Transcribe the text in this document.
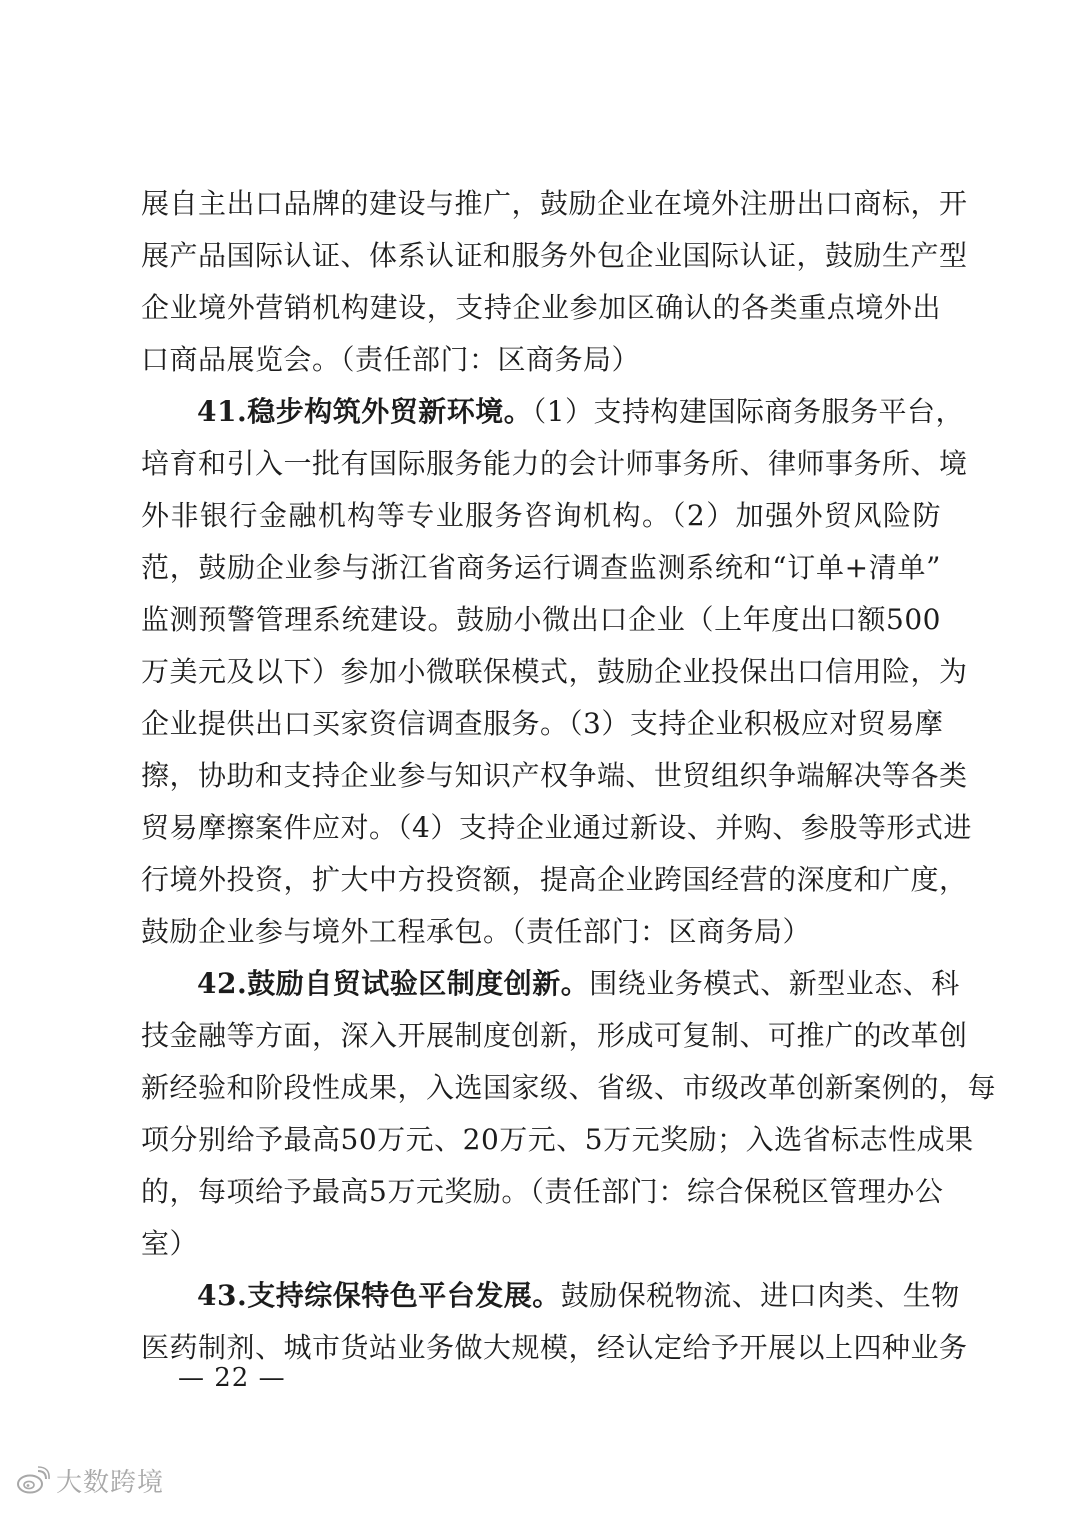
展自主出口品牌的建设与推广，鼓励企业在境外注册出口商标，开
展产品国际认证、体系认证和服务外包企业国际认证，鼓励生产型
企业境外营销机构建设，支持企业参加区确认的各类重点境外出
口商品展览会。（责任部门：区商务局）
41.稳步构筑外贸新环境。（1）支持构建国际商务服务平台，
培育和引入一批有国际服务能力的会计师事务所、律师事务所、境
外非银行金融机构等专业服务咨询机构。（2）加强外贸风险防
范，鼓励企业参与浙江省商务运行调查监测系统和“订单+清单”
监测预警管理系统建设。鼓励小微出口企业（上年度出口额500
万美元及以下）参加小微联保模式，鼓励企业投保出口信用险，为
企业提供出口买家资信调查服务。（3）支持企业积极应对贸易摩
擦，协助和支持企业参与知识产权争端、世贸组织争端解决等各类
贸易摩擦案件应对。（4）支持企业通过新设、并购、参股等形式进
行境外投资，扩大中方投资额，提高企业跨国经营的深度和广度，
鼓励企业参与境外工程承包。（责任部门：区商务局）
42.鼓励自贸试验区制度创新。围绕业务模式、新型业态、科
技金融等方面，深入开展制度创新，形成可复制、可推广的改革创
新经验和阶段性成果，入选国家级、省级、市级改革创新案例的，每
项分别给予最高50万元、20万元、5万元奖励；入选省标志性成果
的，每项给予最高5万元奖励。（责任部门：综合保税区管理办公
室）
43.支持综保特色平台发展。鼓励保税物流、进口肉类、生物
医药制剂、城市货站业务做大规模，经认定给予开展以上四种业务
— 22 —
大数跨境
